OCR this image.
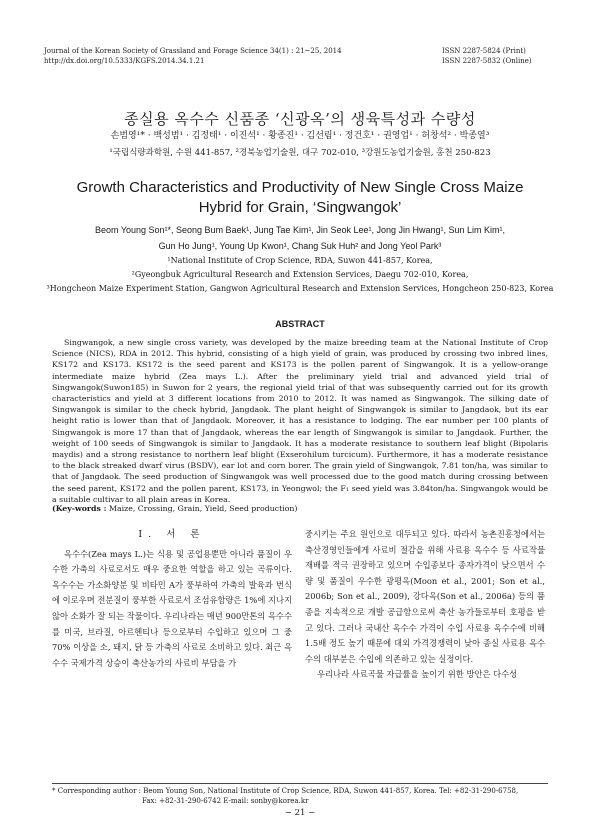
Journal of the Korean Society of Grassland and Forage Science 34(1) : 21~25, 2014
http://dx.doi.org/10.5333/KGFS.2014.34.1.21
ISSN 2287-5824 (Print)
ISSN 2287-5832 (Online)
종실용 옥수수 신품종 ‘신광옥’의 생육특성과 수량성
손범영¹* · 백성범¹ · 김정태¹ · 이진석¹ · 황종진¹ · 김선림¹ · 정건호¹ · 권영업¹ · 허창석² · 박종열³
¹국립식량과학원, 수원 441-857, ²경북농업기술원, 대구 702-010, ³강원도농업기술원, 홍천 250-823
Growth Characteristics and Productivity of New Single Cross Maize
Hybrid for Grain, ‘Singwangok’
Beom Young Son¹*, Seong Bum Baek¹, Jung Tae Kim¹, Jin Seok Lee¹, Jong Jin Hwang¹, Sun Lim Kim¹,
Gun Ho Jung¹, Young Up Kwon¹, Chang Suk Huh² and Jong Yeol Park³
¹National Institute of Crop Science, RDA, Suwon 441-857, Korea,
²Gyeongbuk Agricultural Research and Extension Services, Daegu 702-010, Korea,
³Hongcheon Maize Experiment Station, Gangwon Agricultural Research and Extension Services, Hongcheon 250-823, Korea
ABSTRACT
Singwangok, a new single cross variety, was developed by the maize breeding team at the National Institute of Crop Science (NICS), RDA in 2012. This hybrid, consisting of a high yield of grain, was produced by crossing two inbred lines, KS172 and KS173. KS172 is the seed parent and KS173 is the pollen parent of Singwangok. It is a yellow-orange intermediate maize hybrid (Zea mays L.). After the preliminary yield trial and advanced yield trial of Singwangok(Suwon185) in Suwon for 2 years, the regional yield trial of that was subsequently carried out for its growth characteristics and yield at 3 different locations from 2010 to 2012. It was named as Singwangok. The silking date of Singwangok is similar to the check hybrid, Jangdaok. The plant height of Singwangok is similar to Jangdaok, but its ear height ratio is lower than that of Jangdaok. Moreover, it has a resistance to lodging. The ear number per 100 plants of Singwangok is more 17 than that of Jangdaok, whereas the ear length of Singwangok is similar to Jangdaok. Further, the weight of 100 seeds of Singwangok is similar to Jangdaok. It has a moderate resistance to southern leaf blight (Bipolaris maydis) and a strong resistance to northern leaf blight (Exserohilum turcicum). Furthermore, it has a moderate resistance to the black streaked dwarf virus (BSDV), ear lot and corn borer. The grain yield of Singwangok, 7.81 ton/ha, was similar to that of Jangdaok. The seed production of Singwangok was well processed due to the good match during crossing between the seed parent, KS172 and the pollen parent, KS173, in Yeongwol; the F₁ seed yield was 3.84ton/ha. Singwangok would be a suitable cultivar to all plain areas in Korea.
(Key-words : Maize, Crossing, Grain, Yield, Seed production)
Ⅰ. 서 론
옥수수(Zea mays L.)는 식용 및 공업용뿐만 아니라 품질이 우수한 가축의 사료로서도 매우 중요한 역할을 하고 있는 곡류이다. 옥수수는 가소화양분 및 비타민 A가 풍부하여 가축의 발육과 번식에 이로우며 전분질이 풍부한 사료로서 조섬유함량은 1%에 지나지 않아 소화가 잘 되는 작물이다. 우리나라는 매년 900만톤의 옥수수를 미국, 브라질, 아르헨티나 등으로부터 수입하고 있으며 그 중 70% 이상을 소, 돼지, 닭 등 가축의 사료로 소비하고 있다. 최근 옥수수 국제가격 상승이 축산농가의 사료비 부담을 가
중시키는 주요 원인으로 대두되고 있다. 따라서 농촌진흥청에서는 축산경영인들에게 사료비 절감을 위해 사료용 옥수수 등 사료작물 재배를 적극 권장하고 있으며 수입종보다 종자가격이 낮으면서 수량 및 품질이 우수한 광평옥(Moon et al., 2001; Son et al., 2006b; Son et al., 2009), 강다옥(Son et al., 2006a) 등의 품종을 지속적으로 개발 공급함으로써 축산 농가들로부터 호평을 받고 있다. 그러나 국내산 옥수수 가격이 수입 사료용 옥수수에 비해 1.5배 정도 높기 때문에 대외 가격경쟁력이 낮아 종실 사료용 옥수수의 대부분은 수입에 의존하고 있는 실정이다.
우리나라 사료곡물 자급률을 높이기 위한 방안은 다수성
* Corresponding author : Beom Young Son, National Institute of Crop Science, RDA, Suwon 441-857, Korea. Tel: +82-31-290-6758,
Fax: +82-31-290-6742 E-mail: sonby@korea.kr
− 21 −
